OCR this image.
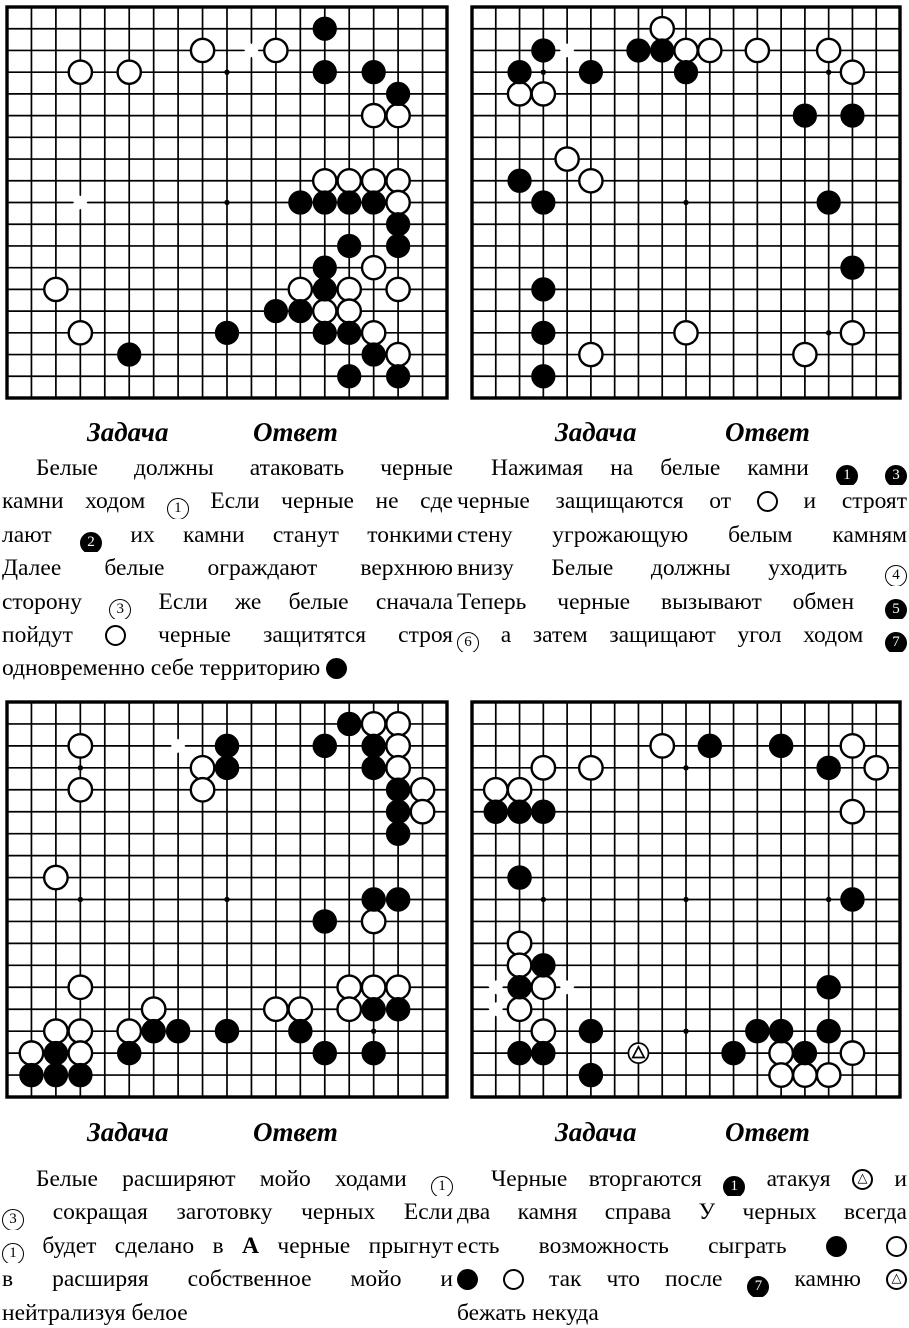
Задача	Ответ	Задача	Ответ
Задача	Ответ	Задача	Ответ
Белые должны атаковать черные
камни ходом 1 Если черные не сде
лают 2 их камни станут тонкими
Далее белые ограждают верхнюю
сторону 3 Если же белые сначала
пойдут  черные защитятся строя
одновременно себе территорию
Нажимая на белые камни 1	3
черные защищаются от  и строят
стену угрожающую белым камням
внизу Белые должны уходить 4
Теперь черные вызывают обмен 5
6 а затем защищают угол ходом 7
Белые расширяют мойо ходами 1
3 сокращая заготовку черных Если
1 будет сделано в А черные прыгнут
в расширяя собственное мойо и
нейтрализуя белое
Черные вторгаются 1 атакуя △ и
два камня справа У черных всегда
есть возможность сыграть
так что после 7 камню △
бежать некуда
